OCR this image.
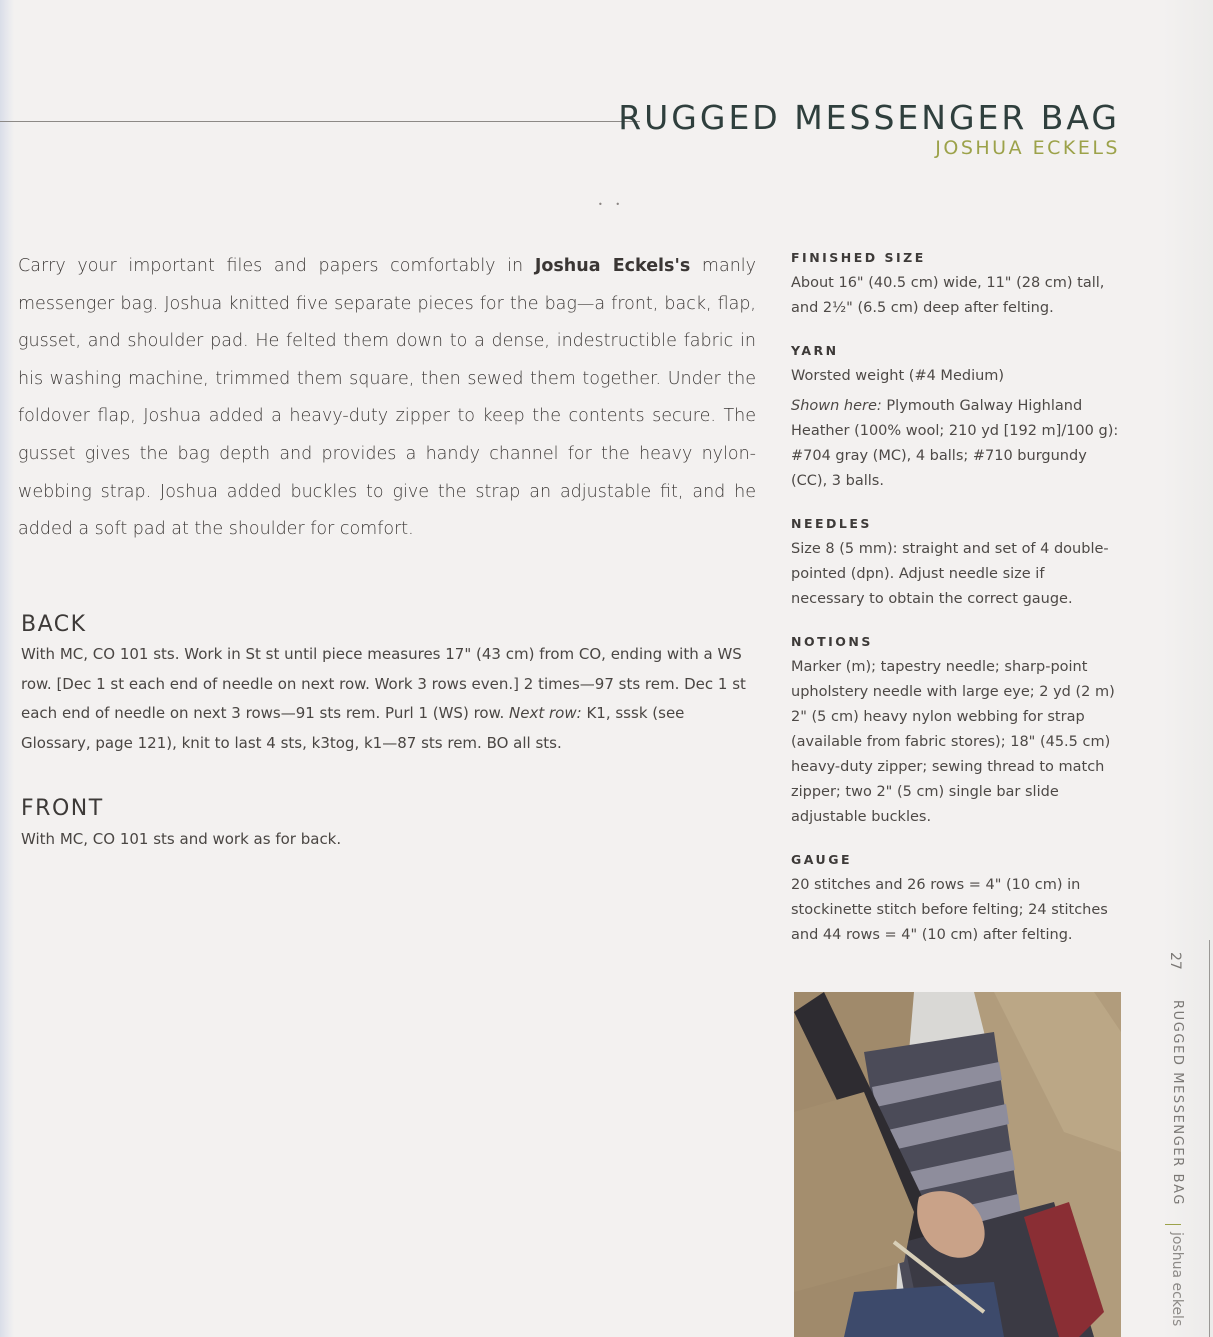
RUGGED MESSENGER BAG
JOSHUA ECKELS
•     •
Carry your important files and papers comfortably in Joshua Eckels's manly messenger bag. Joshua knitted five separate pieces for the bag—a front, back, flap, gusset, and shoulder pad. He felted them down to a dense, indestructible fabric in his washing machine, trimmed them square, then sewed them together. Under the foldover flap, Joshua added a heavy-duty zipper to keep the contents secure. The gusset gives the bag depth and provides a handy channel for the heavy nylon-webbing strap. Joshua added buckles to give the strap an adjustable fit, and he added a soft pad at the shoulder for comfort.
BACK
With MC, CO 101 sts. Work in St st until piece measures 17" (43 cm) from CO, ending with a WS row. [Dec 1 st each end of needle on next row. Work 3 rows even.] 2 times—97 sts rem. Dec 1 st each end of needle on next 3 rows—91 sts rem. Purl 1 (WS) row. Next row: K1, sssk (see Glossary, page 121), knit to last 4 sts, k3tog, k1—87 sts rem. BO all sts.
FRONT
With MC, CO 101 sts and work as for back.

FINISHED SIZE

About 16" (40.5 cm) wide, 11" (28 cm) tall, and 2½" (6.5 cm) deep after felting.

YARN

Worsted weight (#4 Medium)

Shown here: Plymouth Galway Highland Heather (100% wool; 210 yd [192 m]/100 g): #704 gray (MC), 4 balls; #710 burgundy (CC), 3 balls.

NEEDLES

Size 8 (5 mm): straight and set of 4 double-pointed (dpn). Adjust needle size if necessary to obtain the correct gauge.

NOTIONS

Marker (m); tapestry needle; sharp-point upholstery needle with large eye; 2 yd (2 m) 2" (5 cm) heavy nylon webbing for strap (available from fabric stores); 18" (45.5 cm) heavy-duty zipper; sewing thread to match zipper; two 2" (5 cm) single bar slide adjustable buckles.

GAUGE

20 stitches and 26 rows = 4" (10 cm) in stockinette stitch before felting; 24 stitches and 44 rows = 4" (10 cm) after felting.

27
RUGGED MESSENGER BAG
joshua eckels
